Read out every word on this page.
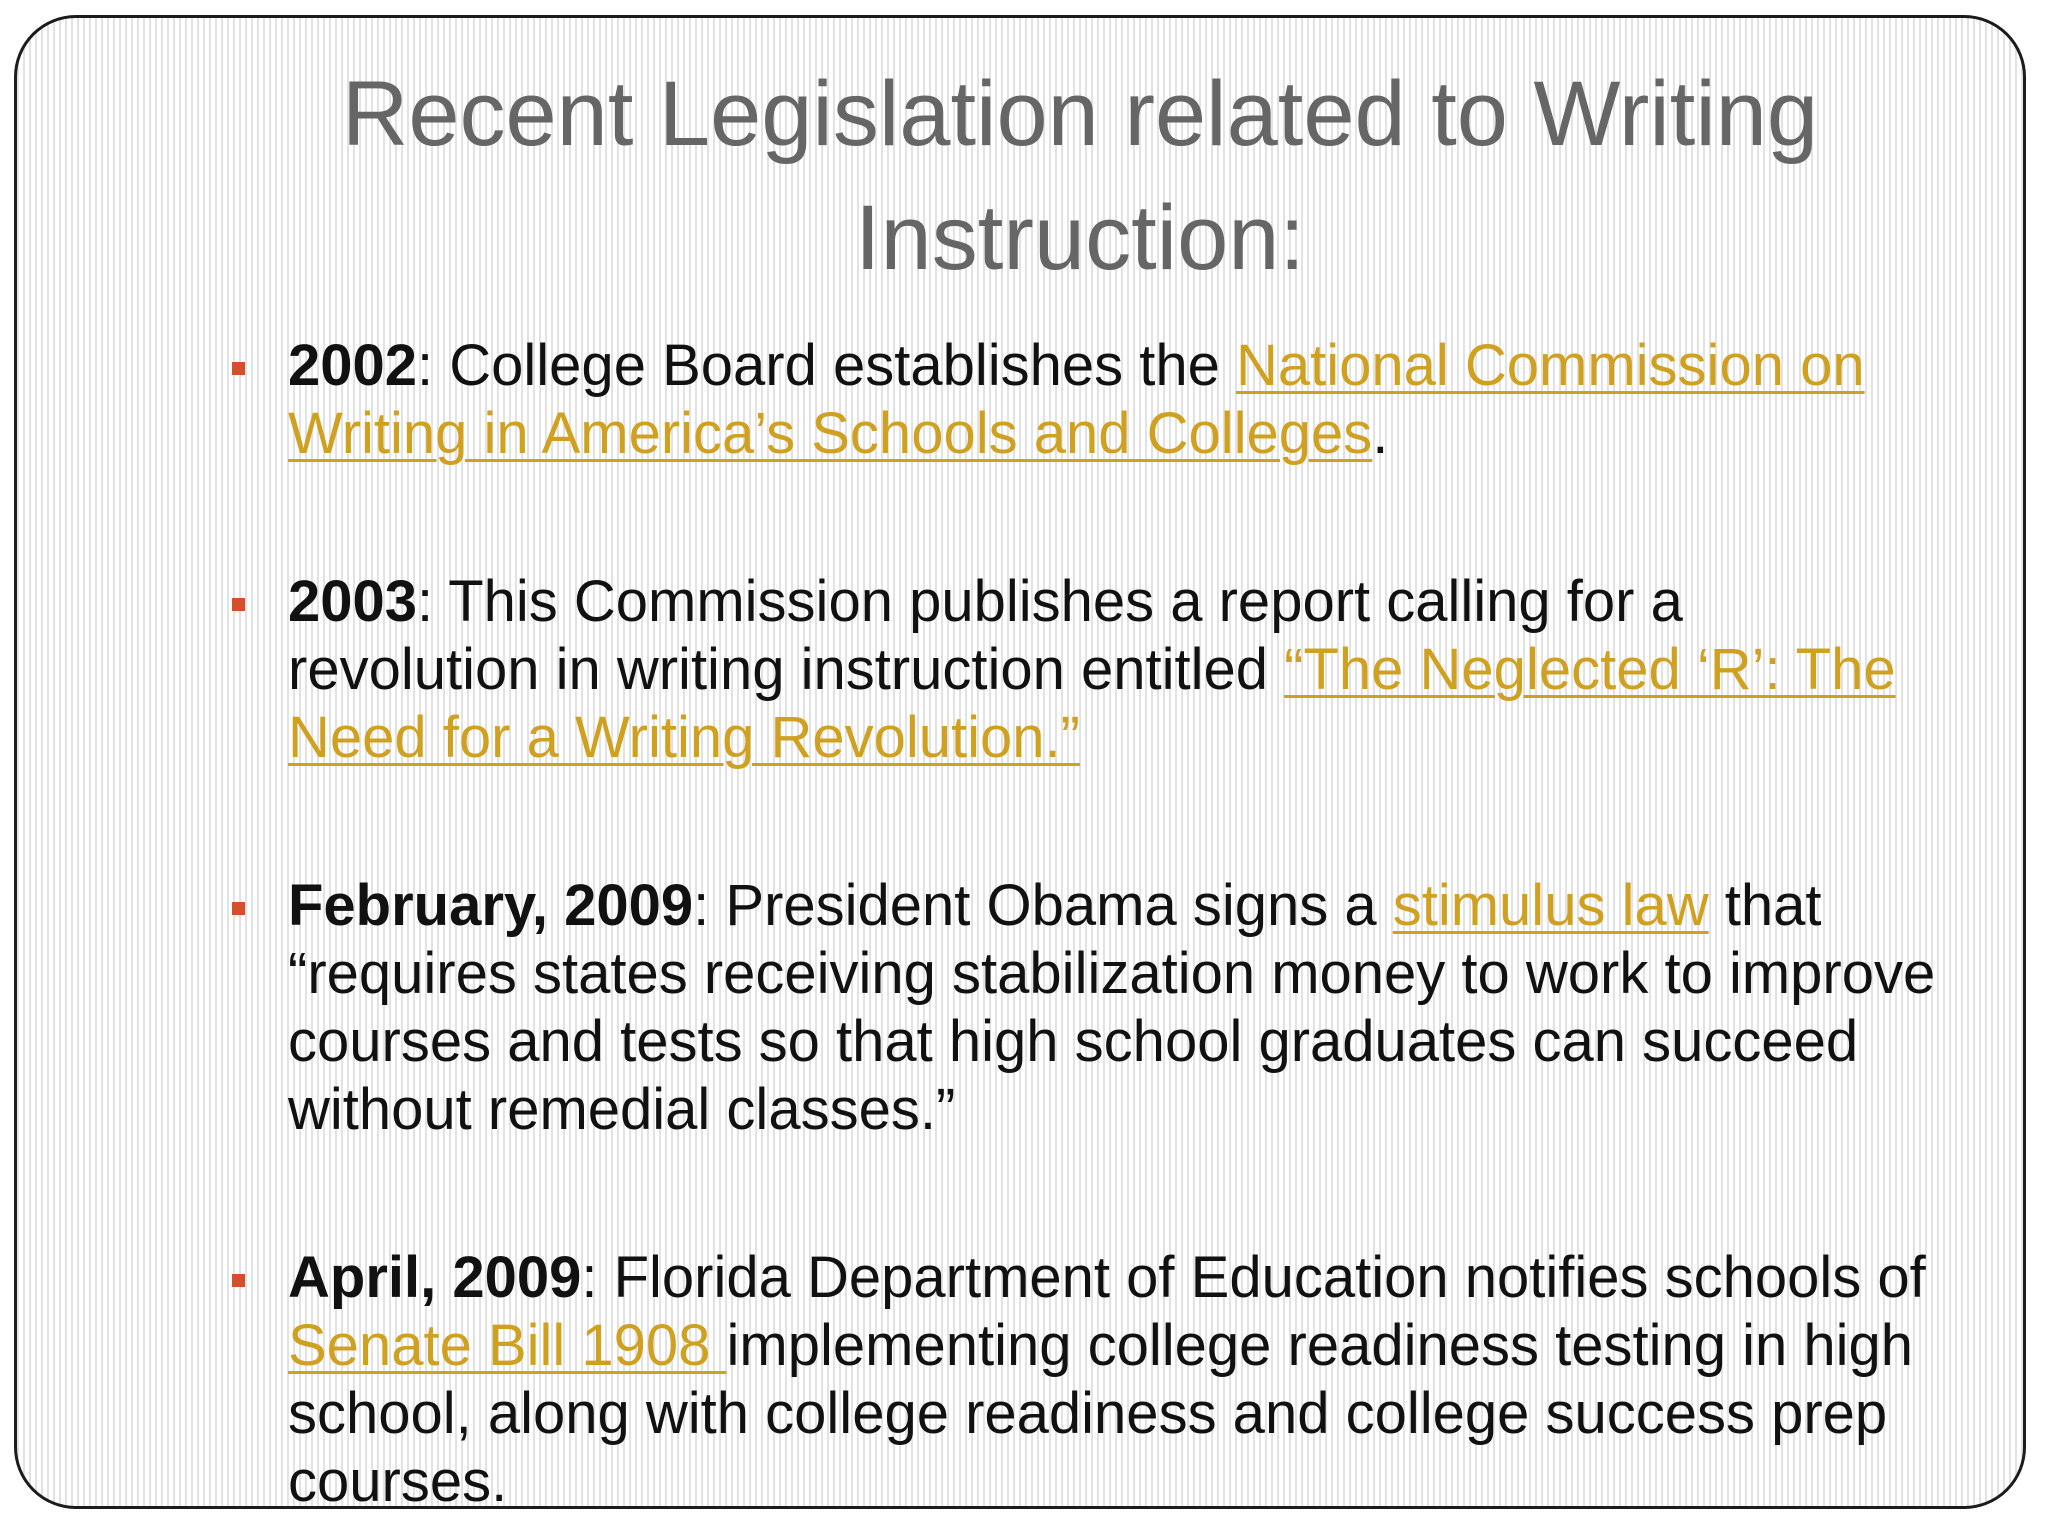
Recent Legislation related to Writing
Instruction:
2002: College Board establishes the National Commission on Writing in America’s Schools and Colleges.
2003: This Commission publishes a report calling for a revolution in writing instruction entitled “The Neglected ‘R’: The Need for a Writing Revolution.”
February, 2009: President Obama signs a stimulus law that “requires states receiving stabilization money to work to improve courses and tests so that high school graduates can succeed without remedial classes.”
April, 2009: Florida Department of Education notifies schools of Senate Bill 1908 implementing college readiness testing in high school, along with college readiness and college success prep courses.
